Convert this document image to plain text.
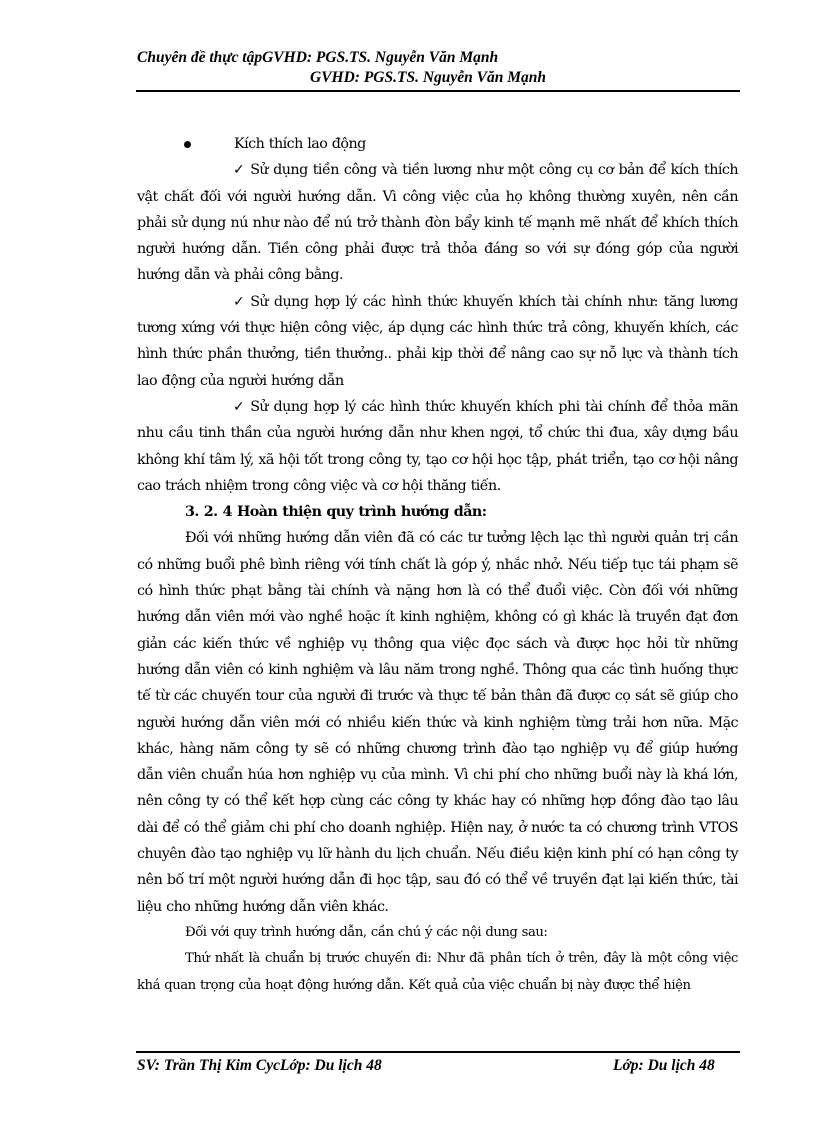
Chuyên đề thực tậpGVHD: PGS.TS. Nguyễn Văn Mạnh
GVHD: PGS.TS. Nguyễn Văn Mạnh

Kích thích lao động

✓ Sử dụng tiền công và tiền lương như một công cụ cơ bản để kích thích vật chất đối với người hướng dẫn. Vì công việc của họ không thường xuyên, nên cần phải sử dụng nú như nào để nú trở thành đòn bẩy kinh tế mạnh mẽ nhất để khích thích người hướng dẫn. Tiền công phải được trả thỏa đáng so với sự đóng góp của người hướng dẫn và phải công bằng.

✓ Sử dụng hợp lý các hình thức khuyến khích tài chính như: tăng lương tương xứng với thực hiện công việc, áp dụng các hình thức trả công, khuyến khích, các hình thức phần thưởng, tiền thưởng.. phải kịp thời để nâng cao sự nỗ lực và thành tích lao động của người hướng dẫn

✓ Sử dụng hợp lý các hình thức khuyến khích phi tài chính để thỏa mãn nhu cầu tinh thần của người hướng dẫn như khen ngợi, tổ chức thi đua, xây dựng bầu không khí tâm lý, xã hội tốt trong công ty, tạo cơ hội học tập, phát triển, tạo cơ hội nâng cao trách nhiệm trong công việc và cơ hội thăng tiến.

3. 2. 4 Hoàn thiện quy trình hướng dẫn:

Đối với những hướng dẫn viên đã có các tư tưởng lệch lạc thì người quản trị cần có những buổi phê bình riêng với tính chất là góp ý, nhắc nhở. Nếu tiếp tục tái phạm sẽ có hình thức phạt bằng tài chính và nặng hơn là có thể đuổi việc. Còn đối với những hướng dẫn viên mới vào nghề hoặc ít kinh nghiệm, không có gì khác là truyền đạt đơn giản các kiến thức về nghiệp vụ thông qua việc đọc sách và được học hỏi từ những hướng dẫn viên có kinh nghiệm và lâu năm trong nghề. Thông qua các tình huống thực tế từ các chuyến tour của người đi trước và thực tế bản thân đã được cọ sát sẽ giúp cho người hướng dẫn viên mới có nhiều kiến thức và kinh nghiệm từng trải hơn nữa. Mặc khác, hàng năm công ty sẽ có những chương trình đào tạo nghiệp vụ để giúp hướng dẫn viên chuẩn húa hơn nghiệp vụ của mình. Vì chi phí cho những buổi này là khá lớn, nên công ty có thể kết hợp cùng các công ty khác hay có những hợp đồng đào tạo lâu dài để có thể giảm chi phí cho doanh nghiệp. Hiện nay, ở nước ta có chương trình VTOS chuyên đào tạo nghiệp vụ lữ hành du lịch chuẩn. Nếu điều kiện kinh phí có hạn công ty nên bố trí một người hướng dẫn đi học tập, sau đó có thể về truyền đạt lại kiến thức, tài liệu cho những hướng dẫn viên khác.

Đối với quy trình hướng dẫn, cần chú ý các nội dung sau:

Thứ nhất là chuẩn bị trước chuyến đi: Như đã phân tích ở trên, đây là một công việc khá quan trọng của hoạt động hướng dẫn. Kết quả của việc chuẩn bị này được thể hiện

SV: Trần Thị Kim CycLớp: Du lịch 48	Lớp: Du lịch 48
